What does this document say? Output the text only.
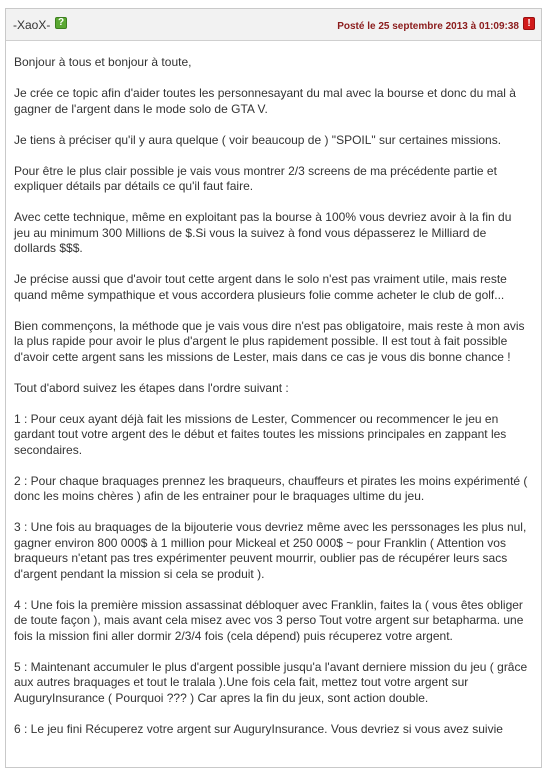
-XaoX- ?	Posté le 25 septembre 2013 à 01:09:38 !

Bonjour à tous et bonjour à toute,

Je crée ce topic afin d'aider toutes les personnesayant du mal avec la bourse et donc du mal à gagner de l'argent dans le mode solo de GTA V.

Je tiens à préciser qu'il y aura quelque ( voir beaucoup de ) "SPOIL" sur certaines missions.

Pour être le plus clair possible je vais vous montrer 2/3 screens de ma précédente partie et expliquer détails par détails ce qu'il faut faire.

Avec cette technique, même en exploitant pas la bourse à 100% vous devriez avoir à la fin du jeu au minimum 300 Millions de $.Si vous la suivez à fond vous dépasserez le Milliard de dollards $$$.

Je précise aussi que d'avoir tout cette argent dans le solo n'est pas vraiment utile, mais reste quand même sympathique et vous accordera plusieurs folie comme acheter le club de golf...

Bien commençons, la méthode que je vais vous dire n'est pas obligatoire, mais reste à mon avis la plus rapide pour avoir le plus d'argent le plus rapidement possible. Il est tout à fait possible d'avoir cette argent sans les missions de Lester, mais dans ce cas je vous dis bonne chance !

Tout d'abord suivez les étapes dans l'ordre suivant :

1 : Pour ceux ayant déjà fait les missions de Lester, Commencer ou recommencer le jeu en gardant tout votre argent des le début et faites toutes les missions principales en zappant les secondaires.

2 : Pour chaque braquages prennez les braqueurs, chauffeurs et pirates les moins expérimenté ( donc les moins chères ) afin de les entrainer pour le braquages ultime du jeu.

3 : Une fois au braquages de la bijouterie vous devriez même avec les perssonages les plus nul, gagner environ 800 000$ à 1 million pour Mickeal et 250 000$ ~ pour Franklin ( Attention vos braqueurs n'etant pas tres expérimenter peuvent mourrir, oublier pas de récupérer leurs sacs d'argent pendant la mission si cela se produit ).

4 : Une fois la première mission assassinat débloquer avec Franklin, faites la ( vous êtes obliger de toute façon ), mais avant cela misez avec vos 3 perso Tout votre argent sur betapharma. une fois la mission fini aller dormir 2/3/4 fois (cela dépend) puis récuperez votre argent.

5 : Maintenant accumuler le plus d'argent possible jusqu'a l'avant derniere mission du jeu ( grâce aux autres braquages et tout le tralala ).Une fois cela fait, mettez tout votre argent sur AuguryInsurance ( Pourquoi ??? ) Car apres la fin du jeux, sont action double.

6 : Le jeu fini Récuperez votre argent sur AuguryInsurance. Vous devriez si vous avez suivie
